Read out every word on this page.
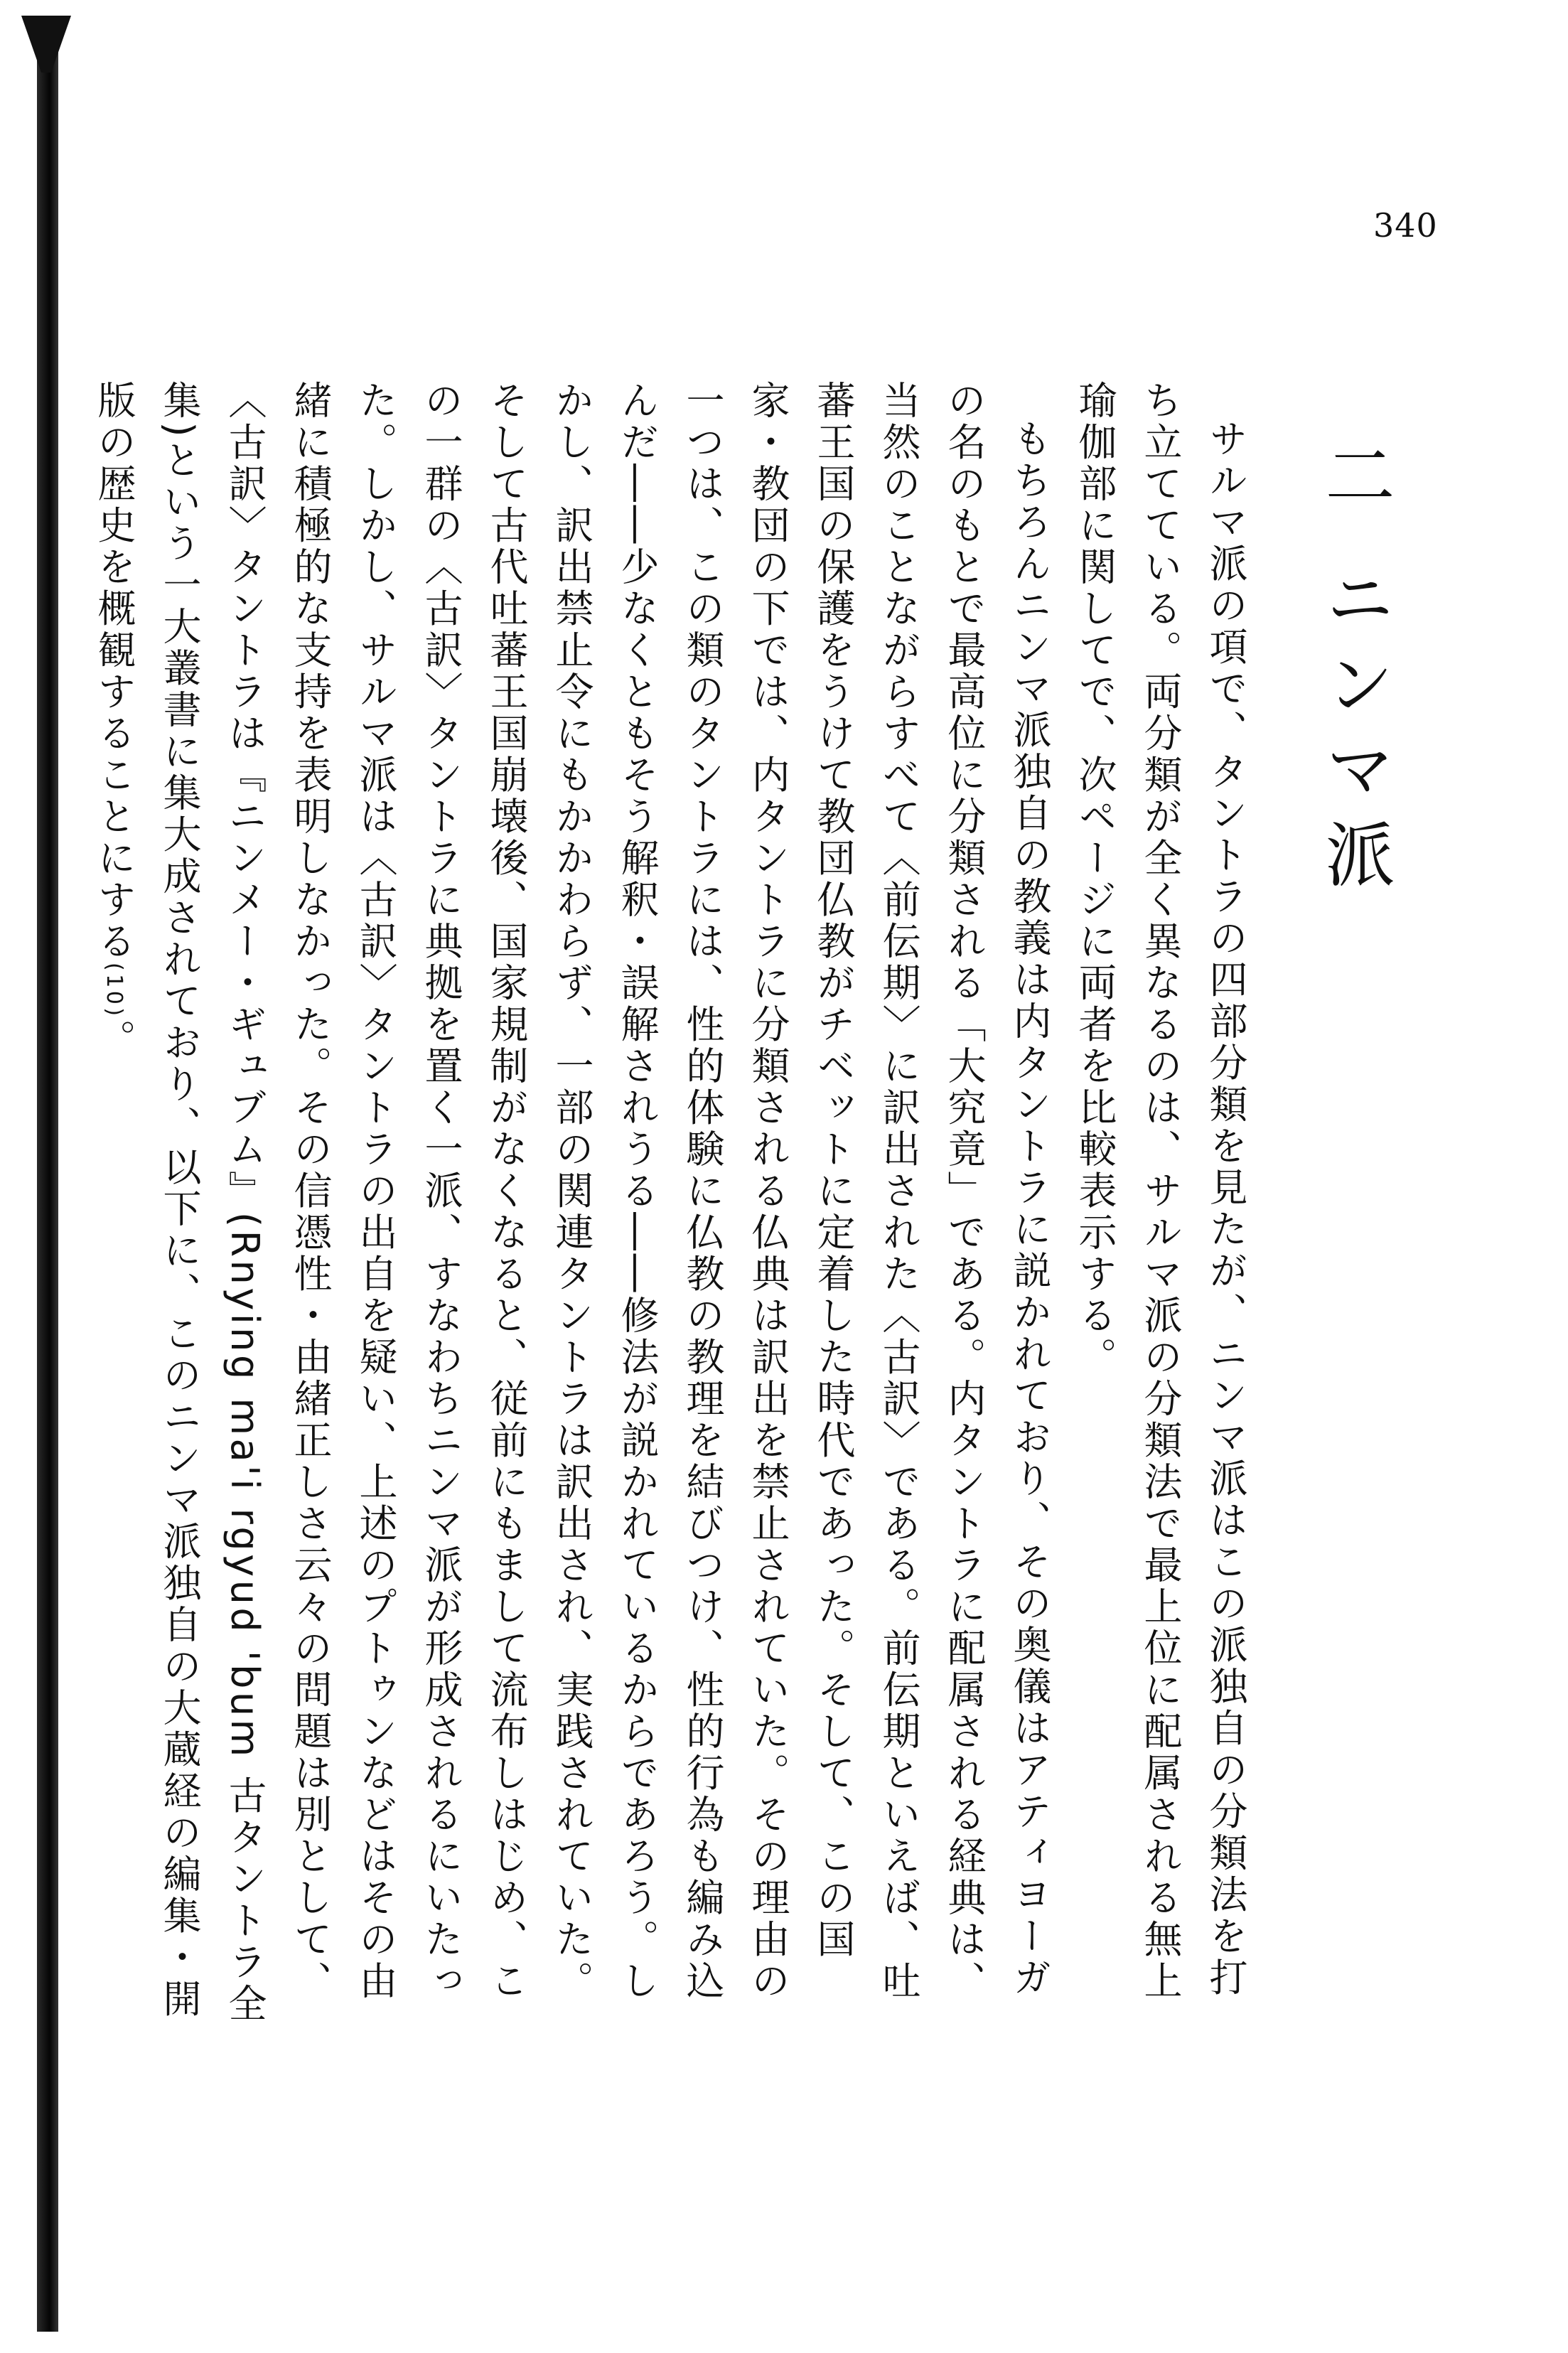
340
二 ニンマ派

サルマ派の項で、タントラの四部分類を見たが、ニンマ派はこの派独自の分類法を打ち立てている。両分類が全く異なるのは、サルマ派の分類法で最上位に配属される無上瑜伽部に関してで、次ページに両者を比較表示する。

もちろんニンマ派独自の教義は内タントラに説かれており、その奥儀はアティヨーガの名のもとで最高位に分類される「大究竟」である。内タントラに配属される経典は、当然のことながらすべて〈前伝期〉に訳出された〈古訳〉である。前伝期といえば、吐蕃王国の保護をうけて教団仏教がチベットに定着した時代であった。そして、この国家・教団の下では、内タントラに分類される仏典は訳出を禁止されていた。その理由の一つは、この類のタントラには、性的体験に仏教の教理を結びつけ、性的行為も編み込んだ――少なくともそう解釈・誤解されうる――修法が説かれているからであろう。しかし、訳出禁止令にもかかわらず、一部の関連タントラは訳出され、実践されていた。そして古代吐蕃王国崩壊後、国家規制がなくなると、従前にもまして流布しはじめ、この一群の〈古訳〉タントラに典拠を置く一派、すなわちニンマ派が形成されるにいたった。しかし、サルマ派は〈古訳〉タントラの出自を疑い、上述のプトゥンなどはその由緒に積極的な支持を表明しなかった。その信憑性・由緒正しさ云々の問題は別として、〈古訳〉タントラは『ニンメー・ギュブム』(Rnying ma'i rgyud 'bum 古タントラ全集)という一大叢書に集大成されており、以下に、このニンマ派独自の大蔵経の編集・開版の歴史を概観することにする(10)。
